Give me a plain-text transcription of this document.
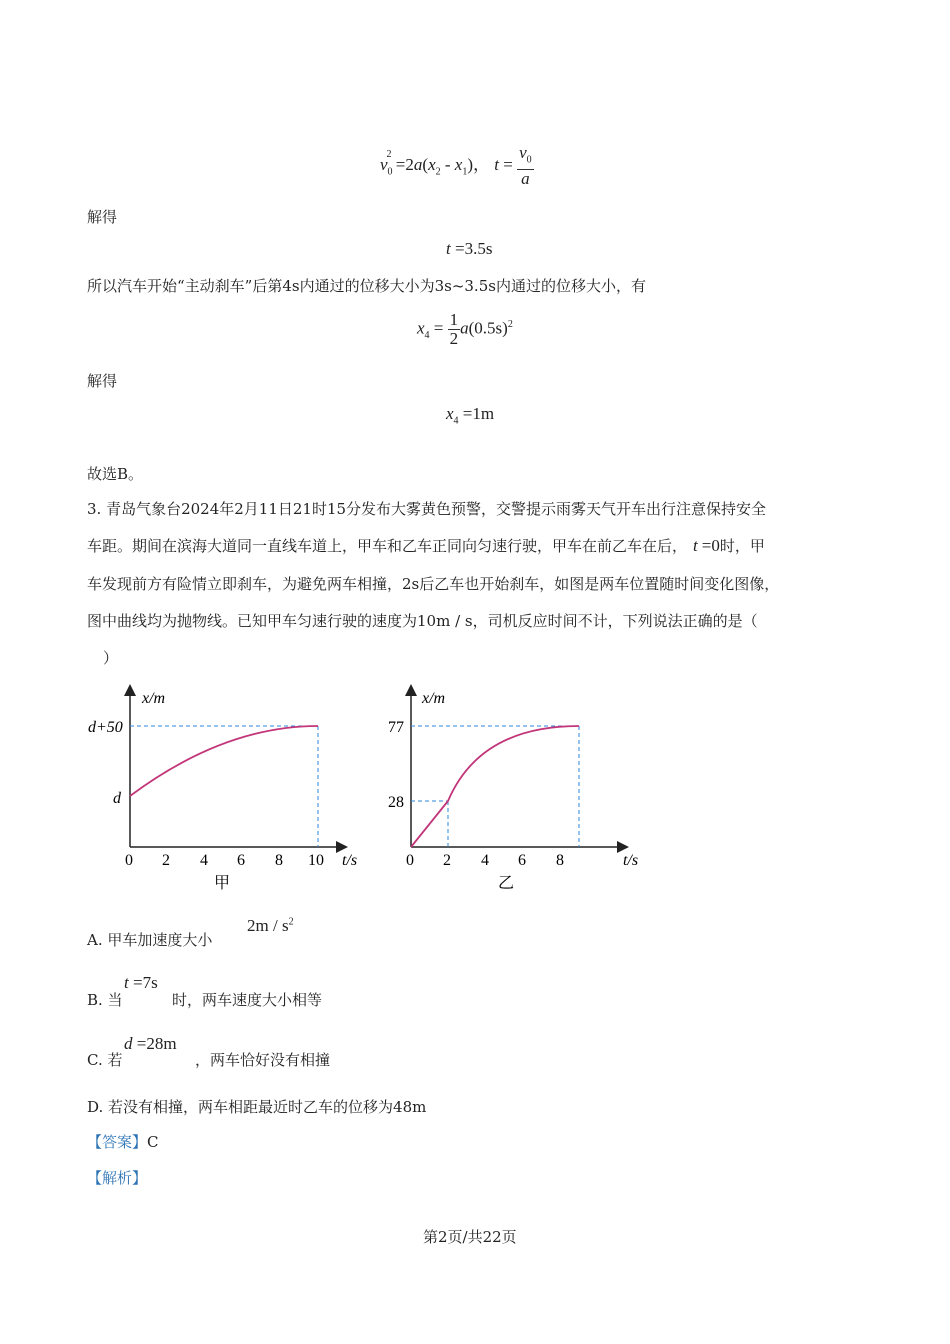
$v_0^2 =2a(x_2 - x_1)$， $t = \frac{v_0}{a}$
解得
t =3.5s
所以汽车开始“主动刹车”后第4s内通过的位移大小为3s~3.5s内通过的位移大小，有
$x_4 = \frac{1}{2} a(0.5s)^2$
解得
$x_4 =1m$
故选B。
3. 青岛气象台2024年2月11日21时15分发布大雾黄色预警，交警提示雨雾天气开车出行注意保持安全
车距。期间在滨海大道同一直线车道上，甲车和乙车正同向匀速行驶，甲车在前乙车在后， t =0时，甲
车发现前方有险情立即刹车，为避免两车相撞，2s后乙车也开始刹车，如图是两车位置随时间变化图像，
图中曲线均为抛物线。已知甲车匀速行驶的速度为10m / s，司机反应时间不计，下列说法正确的是（
）
x/m
t/s
d+50
d
0 2 4 6 8 10
甲
x/m
t/s
77
28
0 2 4 6 8
乙
A. 甲车加速度大小
$2m / s^2$
B. 当
t =7s
时，两车速度大小相等
C. 若
d =28m
，两车恰好没有相撞
D. 若没有相撞，两车相距最近时乙车的位移为48m
【答案】C
【解析】
第2页/共22页
